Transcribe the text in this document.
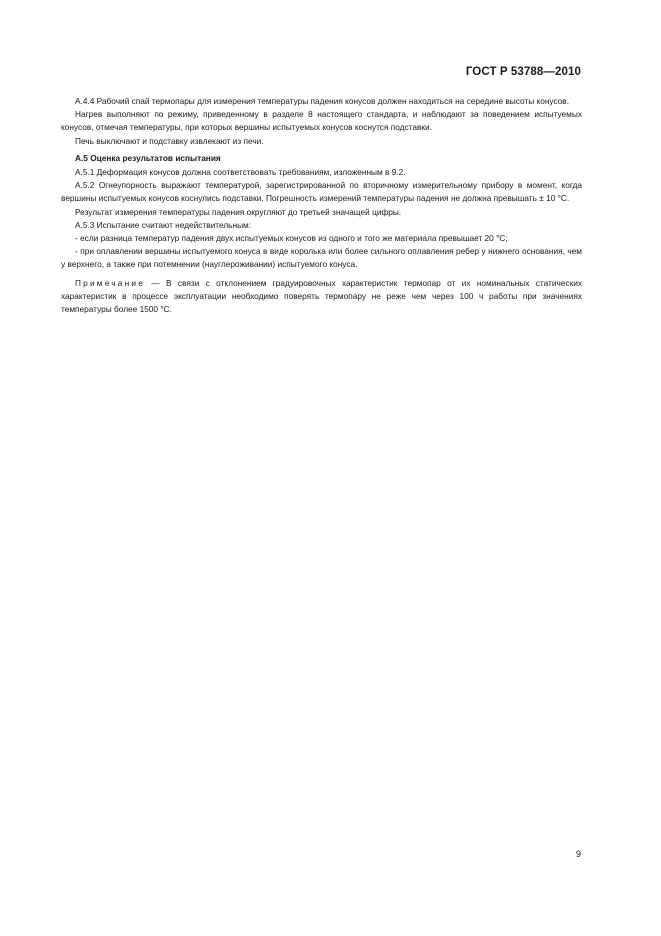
ГОСТ Р 53788—2010

А.4.4 Рабочий спай термопары для измерения температуры падения конусов должен находиться на середине высоты конусов.

Нагрев выполняют по режиму, приведенному в разделе 8 настоящего стандарта, и наблюдают за поведением испытуемых конусов, отмечая температуры, при которых вершины испытуемых конусов коснутся подставки.

Печь выключают и подставку извлекают из печи.

А.5 Оценка результатов испытания

А.5.1 Деформация конусов должна соответствовать требованиям, изложенным в 9.2.

А.5.2 Огнеупорность выражают температурой, зарегистрированной по вторичному измерительному прибору в момент, когда вершины испытуемых конусов коснулись подставки. Погрешность измерений температуры падения не должна превышать ± 10 °С.

Результат измерения температуры падения округляют до третьей значащей цифры.

А.5.3 Испытание считают недействительным:

- если разница температур падения двух испытуемых конусов из одного и того же материала превышает 20 °С;

- при оплавлении вершины испытуемого конуса в виде королька или более сильного оплавления ребер у нижнего основания, чем у верхнего, а также при потемнении (науглероживании) испытуемого конуса.

Примечание — В связи с отклонением градуировочных характеристик термопар от их номинальных статических характеристик в процессе эксплуатации необходимо поверять термопару не реже чем через 100 ч работы при значениях температуры более 1500 °С.

9
